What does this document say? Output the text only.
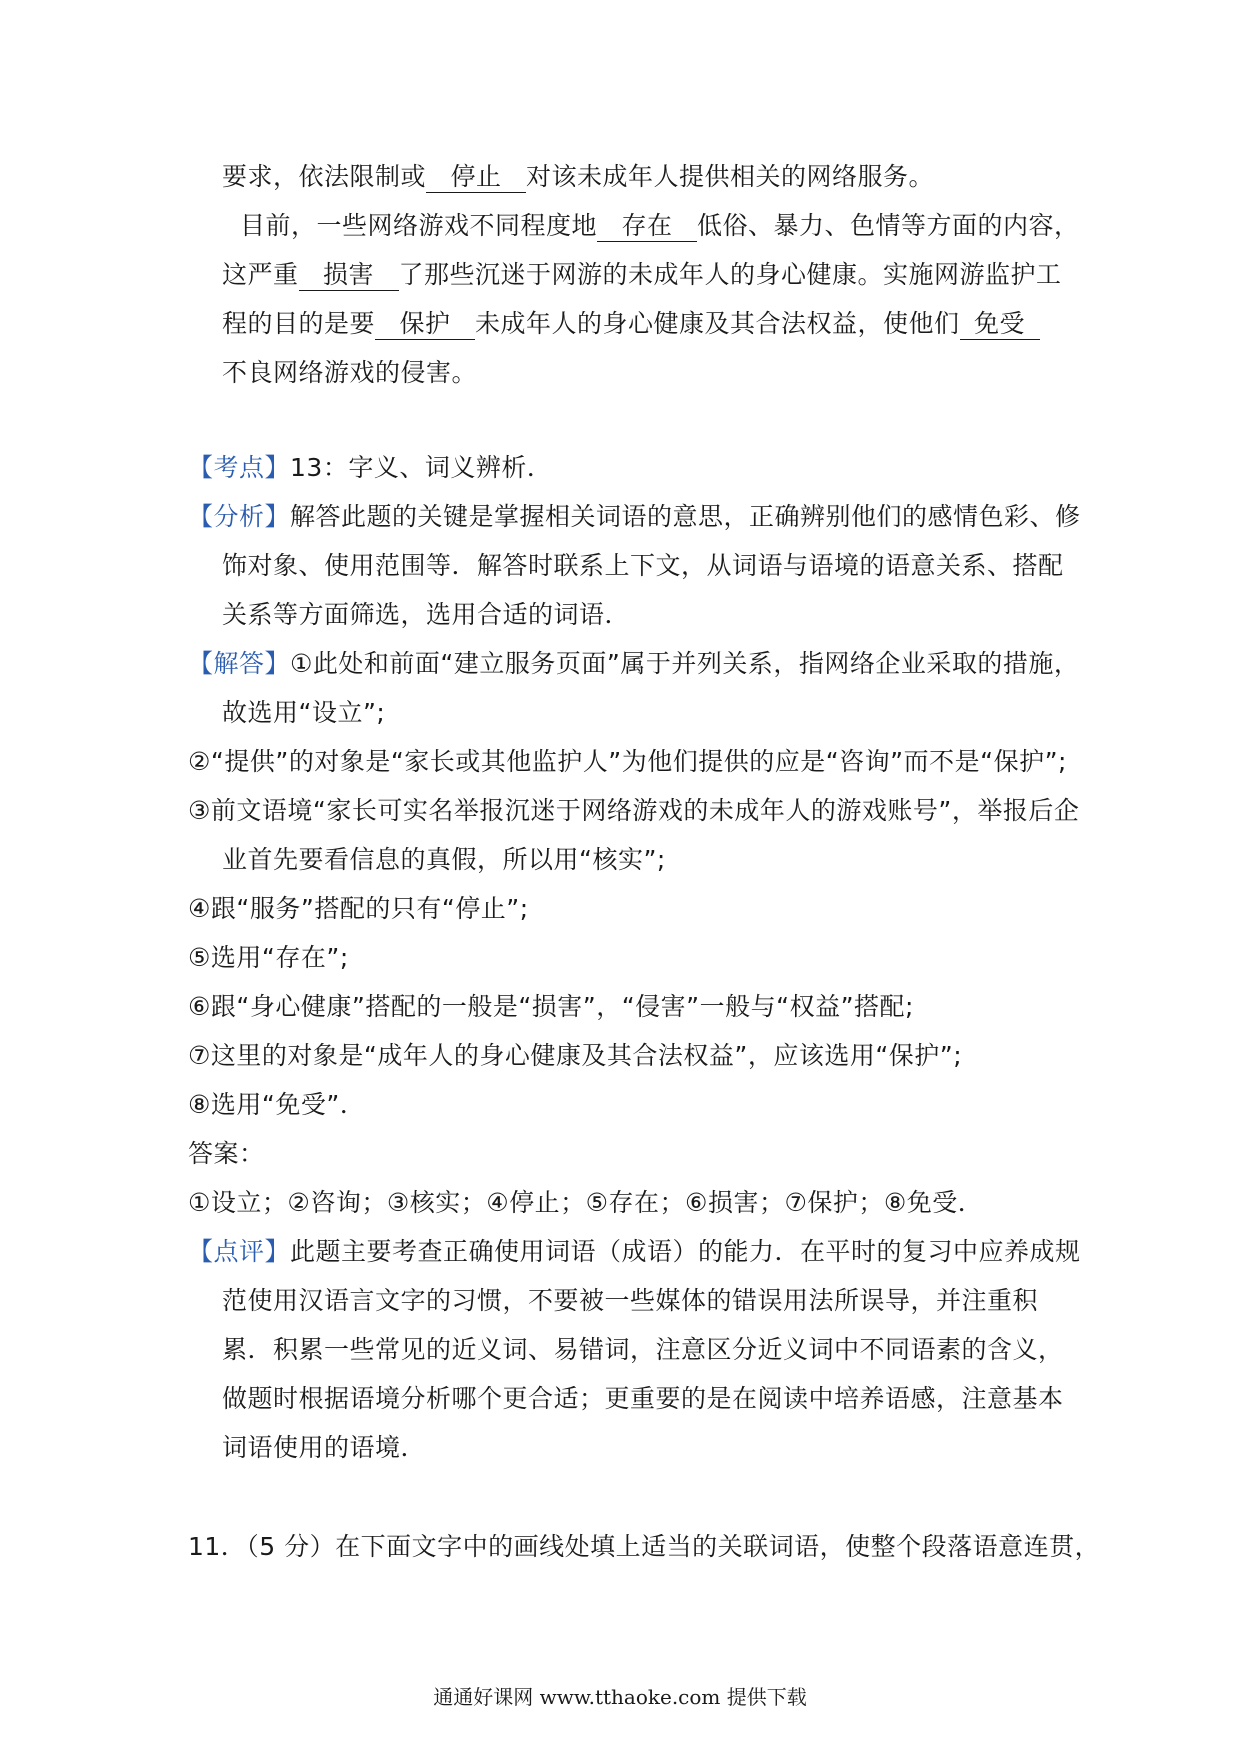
要求，依法限制或 停止 对该未成年人提供相关的网络服务。
目前，一些网络游戏不同程度地 存在 低俗、暴力、色情等方面的内容，
这严重 损害 了那些沉迷于网游的未成年人的身心健康。实施网游监护工
程的目的是要 保护 未成年人的身心健康及其合法权益，使他们 免受
不良网络游戏的侵害。
【考点】13：字义、词义辨析．
【分析】解答此题的关键是掌握相关词语的意思，正确辨别他们的感情色彩、修
饰对象、使用范围等．解答时联系上下文，从词语与语境的语意关系、搭配
关系等方面筛选，选用合适的词语．
【解答】①此处和前面“建立服务页面”属于并列关系，指网络企业采取的措施，
故选用“设立”;
②“提供”的对象是“家长或其他监护人”为他们提供的应是“咨询”而不是“保护”;
③前文语境“家长可实名举报沉迷于网络游戏的未成年人的游戏账号”，举报后企
业首先要看信息的真假，所以用“核实”;
④跟“服务”搭配的只有“停止”;
⑤选用“存在”;
⑥跟“身心健康”搭配的一般是“损害”，“侵害”一般与“权益”搭配;
⑦这里的对象是“成年人的身心健康及其合法权益”，应该选用“保护”;
⑧选用“免受”．
答案：
①设立；②咨询；③核实；④停止；⑤存在；⑥损害；⑦保护；⑧免受．
【点评】此题主要考查正确使用词语（成语）的能力．在平时的复习中应养成规
范使用汉语言文字的习惯，不要被一些媒体的错误用法所误导，并注重积
累．积累一些常见的近义词、易错词，注意区分近义词中不同语素的含义，
做题时根据语境分析哪个更合适；更重要的是在阅读中培养语感，注意基本
词语使用的语境．
11．（5 分）在下面文字中的画线处填上适当的关联词语，使整个段落语意连贯，
通通好课网 www.tthaoke.com 提供下载
